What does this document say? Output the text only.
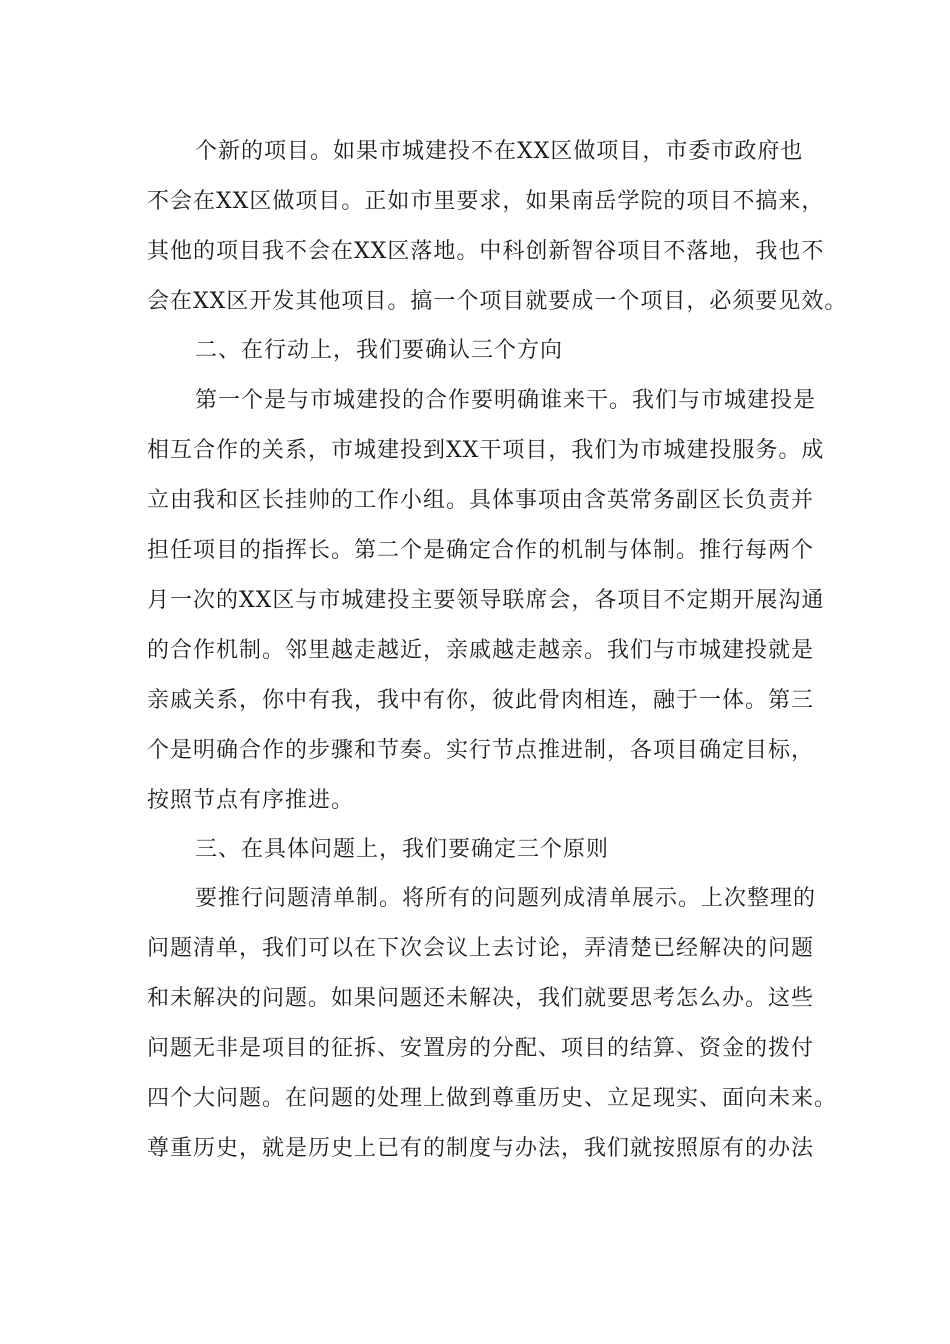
个新的项目。如果市城建投不在XX区做项目，市委市政府也
不会在XX区做项目。正如市里要求，如果南岳学院的项目不搞来，
其他的项目我不会在XX区落地。中科创新智谷项目不落地，我也不
会在XX区开发其他项目。搞一个项目就要成一个项目，必须要见效。
二、在行动上，我们要确认三个方向
第一个是与市城建投的合作要明确谁来干。我们与市城建投是
相互合作的关系，市城建投到XX干项目，我们为市城建投服务。成
立由我和区长挂帅的工作小组。具体事项由含英常务副区长负责并
担任项目的指挥长。第二个是确定合作的机制与体制。推行每两个
月一次的XX区与市城建投主要领导联席会，各项目不定期开展沟通
的合作机制。邻里越走越近，亲戚越走越亲。我们与市城建投就是
亲戚关系，你中有我，我中有你，彼此骨肉相连，融于一体。第三
个是明确合作的步骤和节奏。实行节点推进制，各项目确定目标，
按照节点有序推进。
三、在具体问题上，我们要确定三个原则
要推行问题清单制。将所有的问题列成清单展示。上次整理的
问题清单，我们可以在下次会议上去讨论，弄清楚已经解决的问题
和未解决的问题。如果问题还未解决，我们就要思考怎么办。这些
问题无非是项目的征拆、安置房的分配、项目的结算、资金的拨付
四个大问题。在问题的处理上做到尊重历史、立足现实、面向未来。
尊重历史，就是历史上已有的制度与办法，我们就按照原有的办法
